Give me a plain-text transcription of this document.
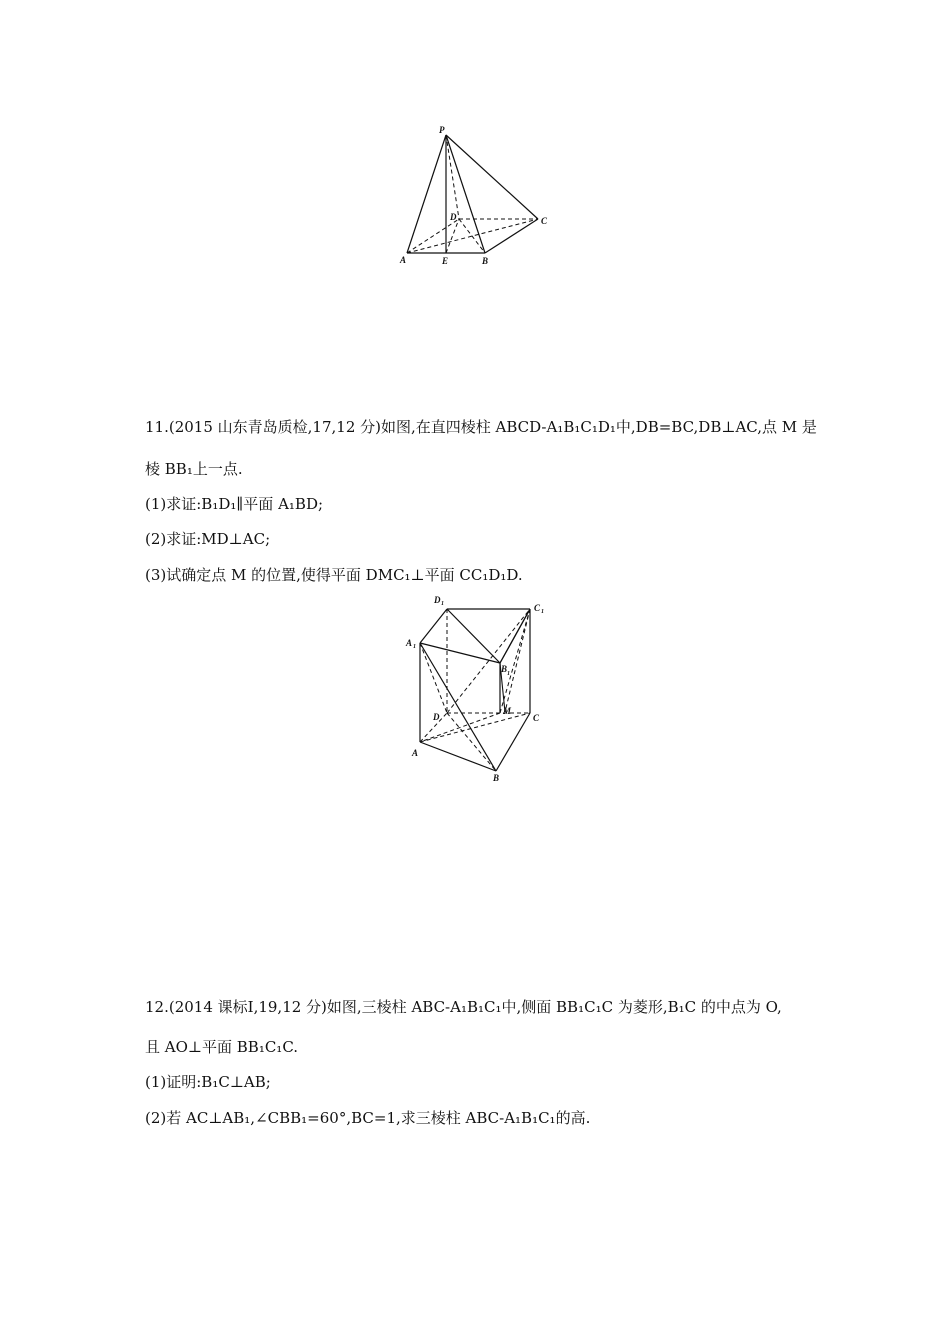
P
D	C
A	E	B
11.(2015 山东青岛质检,17,12 分)如图,在直四棱柱 ABCD-A₁B₁C₁D₁中,DB=BC,DB⊥AC,点 M 是
棱 BB₁上一点.
(1)求证:B₁D₁∥平面 A₁BD;
(2)求证:MD⊥AC;
(3)试确定点 M 的位置,使得平面 DMC₁⊥平面 CC₁D₁D.
D 1	C 1
A 1
B 1
D
M
C
A
B
12.(2014 课标Ⅰ,19,12 分)如图,三棱柱 ABC-A₁B₁C₁中,侧面 BB₁C₁C 为菱形,B₁C 的中点为 O,
且 AO⊥平面 BB₁C₁C.
(1)证明:B₁C⊥AB;
(2)若 AC⊥AB₁,∠CBB₁=60°,BC=1,求三棱柱 ABC-A₁B₁C₁的高.
